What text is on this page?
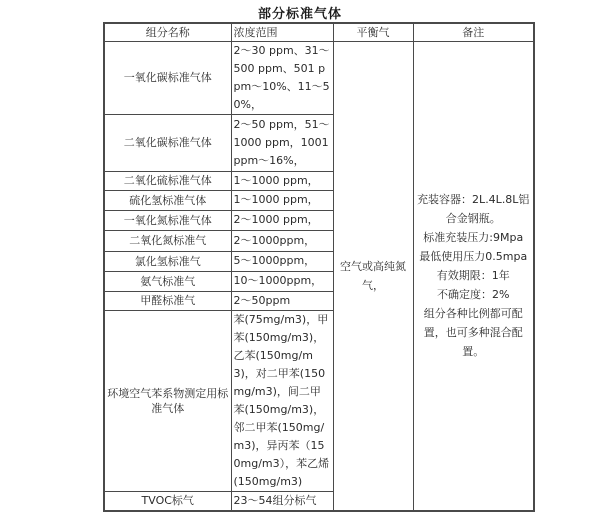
部分标准气体
组分名称	浓度范围	平衡气	备注
一氧化碳标准气体	2～30 ppm、31～500 ppm、501 ppm～10%、11～50%，	空气或高纯氮气，	
充装容器：2L.4L.8L铝合金钢瓶。
标准充装压力:9Mpa
最低使用压力0.5mpa
有效期限：1年
不确定度：2%
组分各种比例都可配置，也可多种混合配置。

二氧化碳标准气体	2～50 ppm，51～1000 ppm，1001 ppm～16%，		
二氧化硫标准气体	1～1000 ppm，		
硫化氢标准气体	1～1000 ppm，		
一氧化氮标准气体	2～1000 ppm，		
二氧化氮标准气	2～1000ppm，		
氯化氢标准气	5～1000ppm，		
氨气标准气	10～1000ppm，		
甲醛标准气	2～50ppm		
环境空气苯系物测定用标准气体	苯(75mg/m3)，甲苯(150mg/m3)，乙苯(150mg/m3)，对二甲苯(150mg/m3)，间二甲苯(150mg/m3)，邻二甲苯(150mg/m3)，异丙苯（150mg/m3），苯乙烯(150mg/m3)		
TVOC标气	23～54组分标气		
